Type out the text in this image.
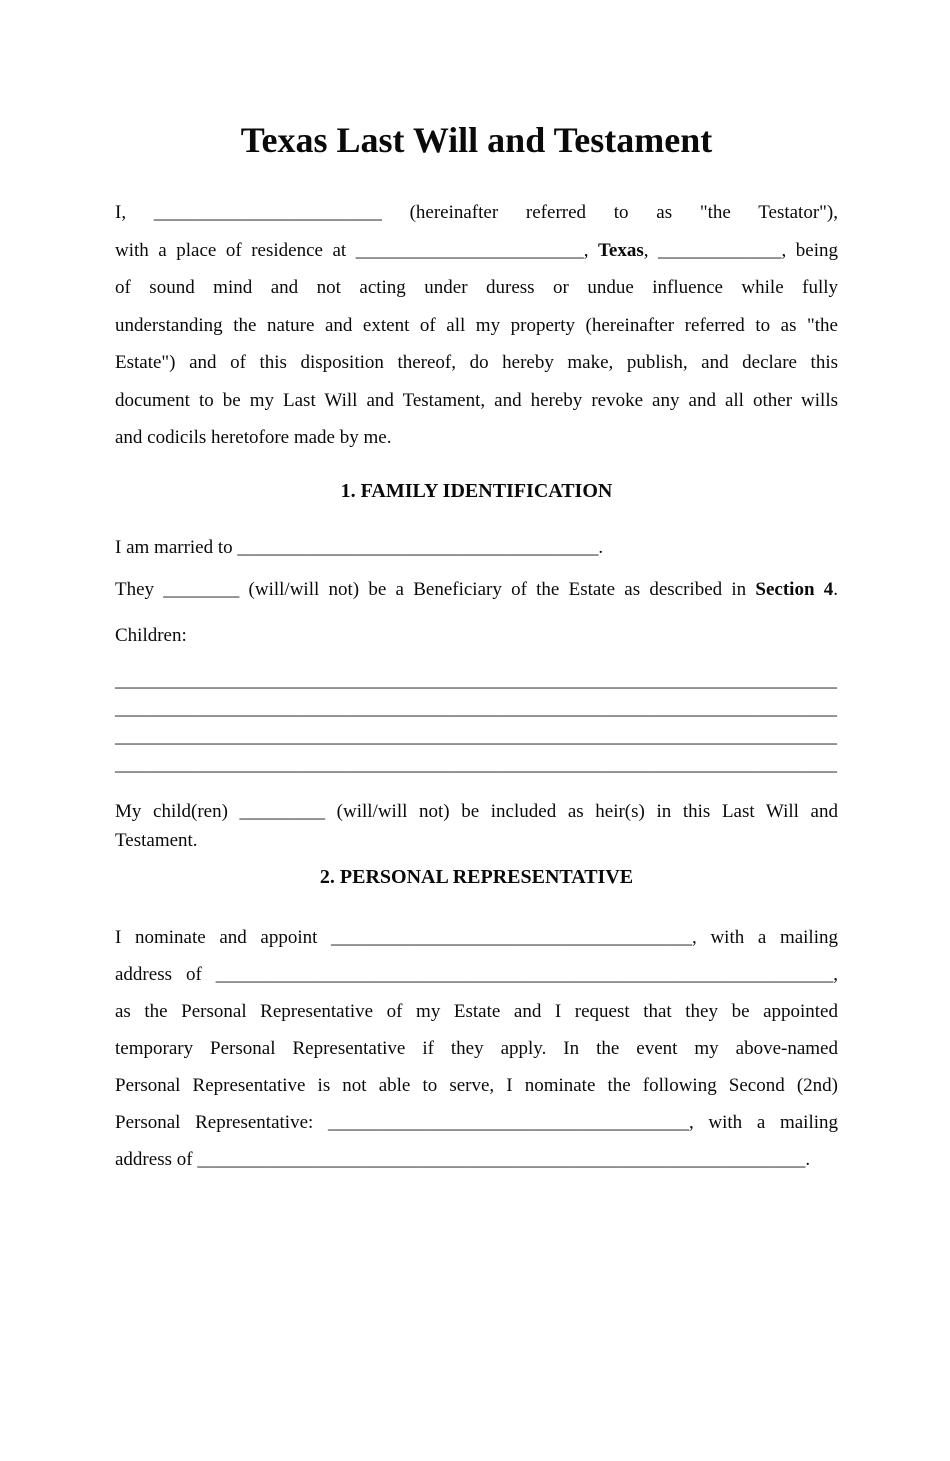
Texas Last Will and Testament
I, ________________________ (hereinafter referred to as "the Testator"),
with a place of residence at ________________________, Texas, _____________, being
of sound mind and not acting under duress or undue influence while fully
understanding the nature and extent of all my property (hereinafter referred to as "the
Estate") and of this disposition thereof, do hereby make, publish, and declare this
document to be my Last Will and Testament, and hereby revoke any and all other wills
and codicils heretofore made by me.
1. FAMILY IDENTIFICATION
I am married to ______________________________________.
They ________ (will/will not) be a Beneficiary of the Estate as described in Section 4.
Children:
____________________________________________________________________________
____________________________________________________________________________
____________________________________________________________________________
____________________________________________________________________________
My child(ren) _________ (will/will not) be included as heir(s) in this Last Will and
Testament.
2. PERSONAL REPRESENTATIVE
I nominate and appoint ______________________________________, with a mailing
address of _________________________________________________________________,
as the Personal Representative of my Estate and I request that they be appointed
temporary Personal Representative if they apply. In the event my above-named
Personal Representative is not able to serve, I nominate the following Second (2nd)
Personal Representative: ______________________________________, with a mailing
address of ________________________________________________________________.
